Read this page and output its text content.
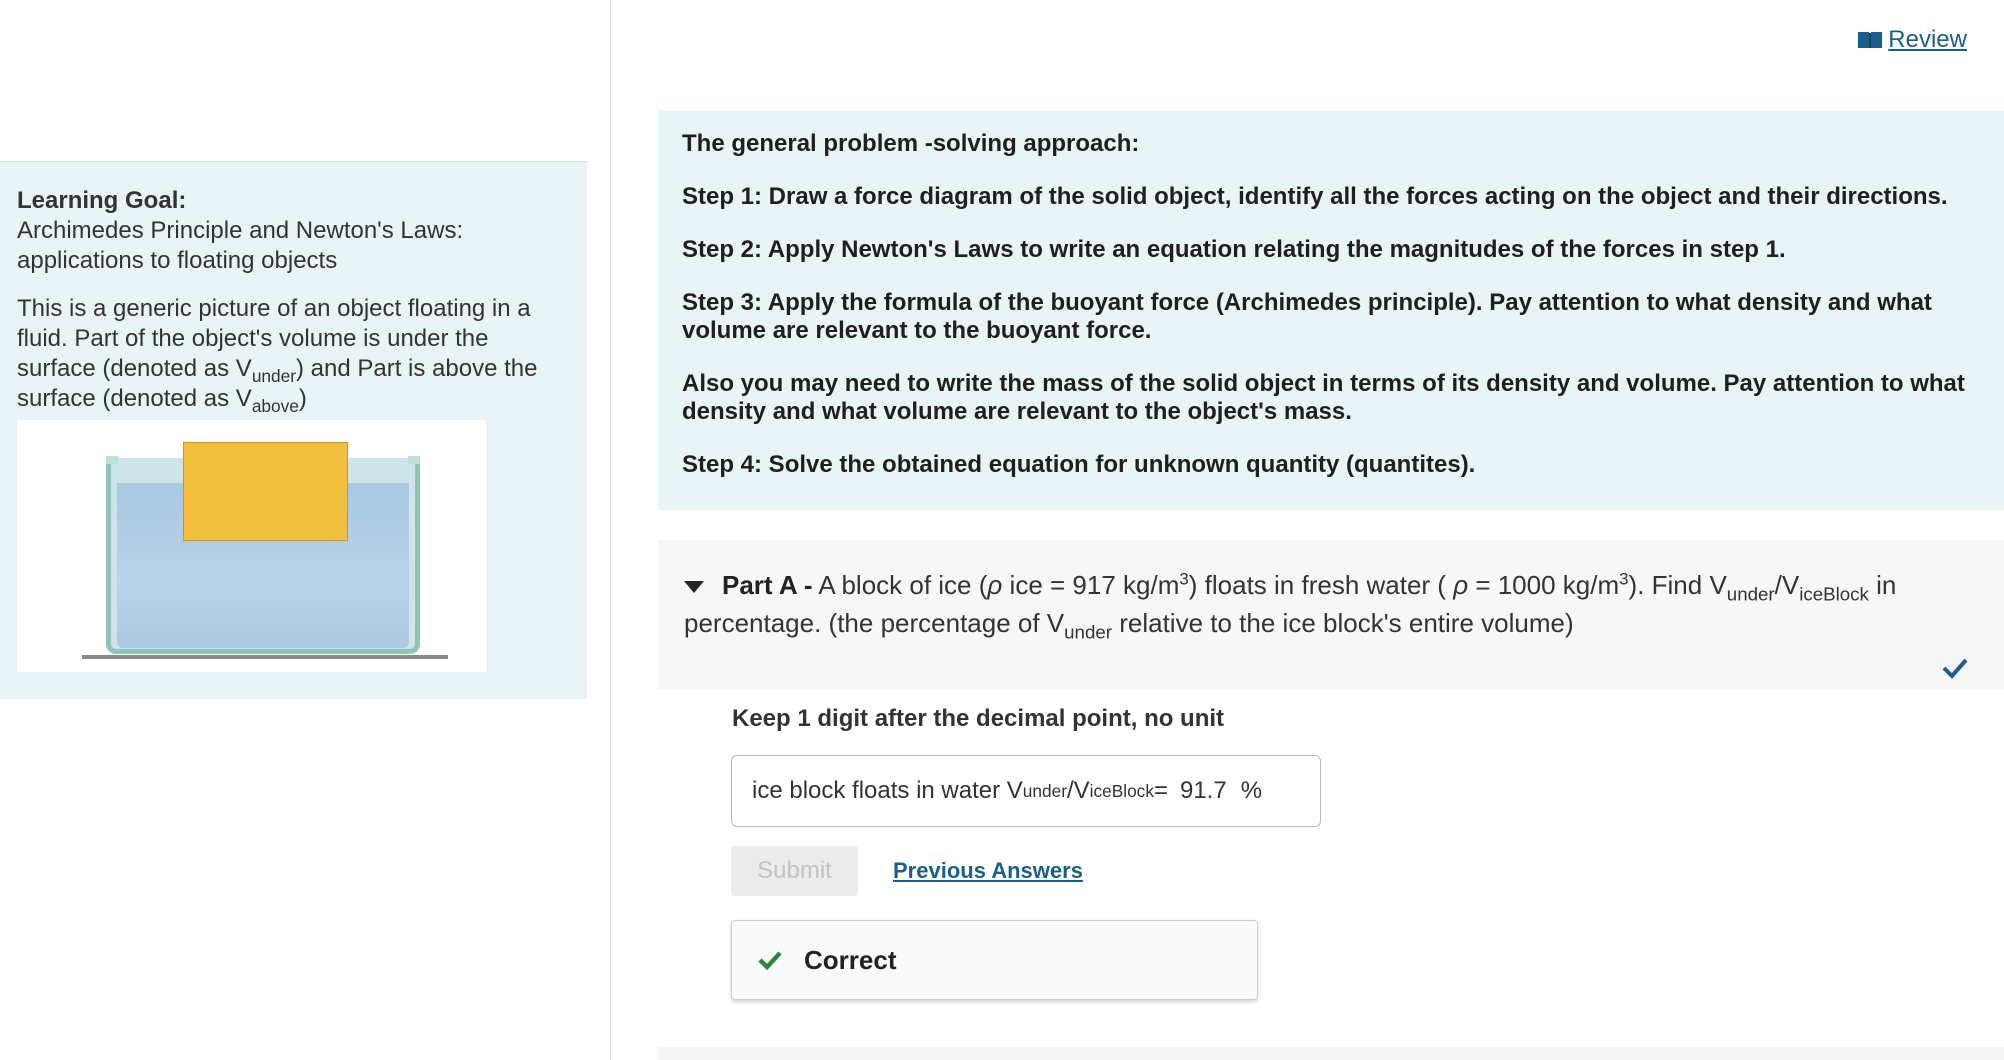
Learning Goal:
Archimedes Principle and Newton's Laws:
applications to floating objects
This is a generic picture of an object floating in a fluid. Part of the object's volume is under the surface (denoted as $V_{under}$) and Part is above the surface (denoted as $V_{above}$)
Review

The general problem -solving approach:

Step 1: Draw a force diagram of the solid object, identify all the forces acting on the object and their directions.

Step 2: Apply Newton's Laws to write an equation relating the magnitudes of the forces in step 1.

Step 3: Apply the formula of the buoyant force (Archimedes principle). Pay attention to what density and what volume are relevant to the buoyant force.

Also you may need to write the mass of the solid object in terms of its density and volume. Pay attention to what density and what volume are relevant to the object's mass.

Step 4: Solve the obtained equation for unknown quantity (quantites).

Part A - A block of ice (ρ ice = 917 $kg/m^3$) floats in fresh water ( ρ = 1000 $kg/m^3$). Find $V_{under}/V_{iceBlock}$ in percentage. (the percentage of $V_{under}$ relative to the ice block's entire volume)
Keep 1 digit after the decimal point, no unit
ice block floats in water V under /V iceBlock = 91.7 %
Submit	Previous Answers
Correct
